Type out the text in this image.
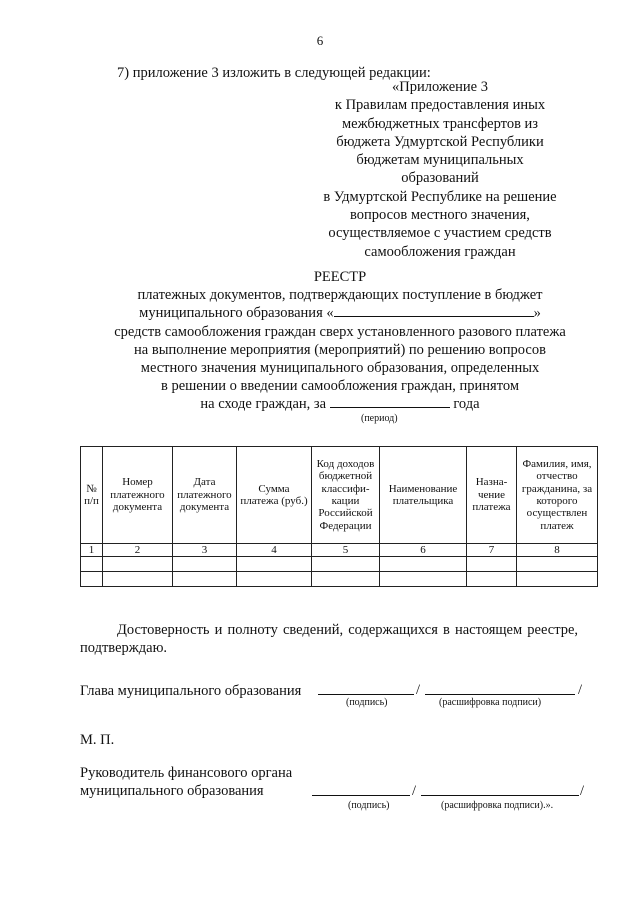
6
7) приложение 3 изложить в следующей редакции:
«Приложение 3
к Правилам предоставления иных
межбюджетных трансфертов из
бюджета Удмуртской Республики
бюджетам муниципальных образований
в Удмуртской Республике на решение
вопросов местного значения,
осуществляемое с участием средств
самообложения граждан
РЕЕСТР
платежных документов, подтверждающих поступление в бюджет
муниципального образования «	»
средств самообложения граждан сверх установленного разового платежа
на выполнение мероприятия (мероприятий) по решению вопросов
местного значения муниципального образования, определенных
в решении о введении самообложения граждан, принятом
на сходе граждан, за	года
(период)
№ п/п	Номер платежного документа	Дата платежного документа	Сумма платежа (руб.)	Код доходов бюджетной классифи-кации Российской Федерации	Наименование плательщика	Назна-чение платежа	Фамилия, имя, отчество гражданина, за которого осуществлен платеж
1	2	3	4	5	6	7	8

Достоверность и полноту сведений, содержащихся в настоящем реестре,
подтверждаю.
Глава муниципального образования	/	/
(подпись)	(расшифровка подписи)
М. П.
Руководитель финансового органа
муниципального образования	/	/
(подпись)	(расшифровка подписи).».
